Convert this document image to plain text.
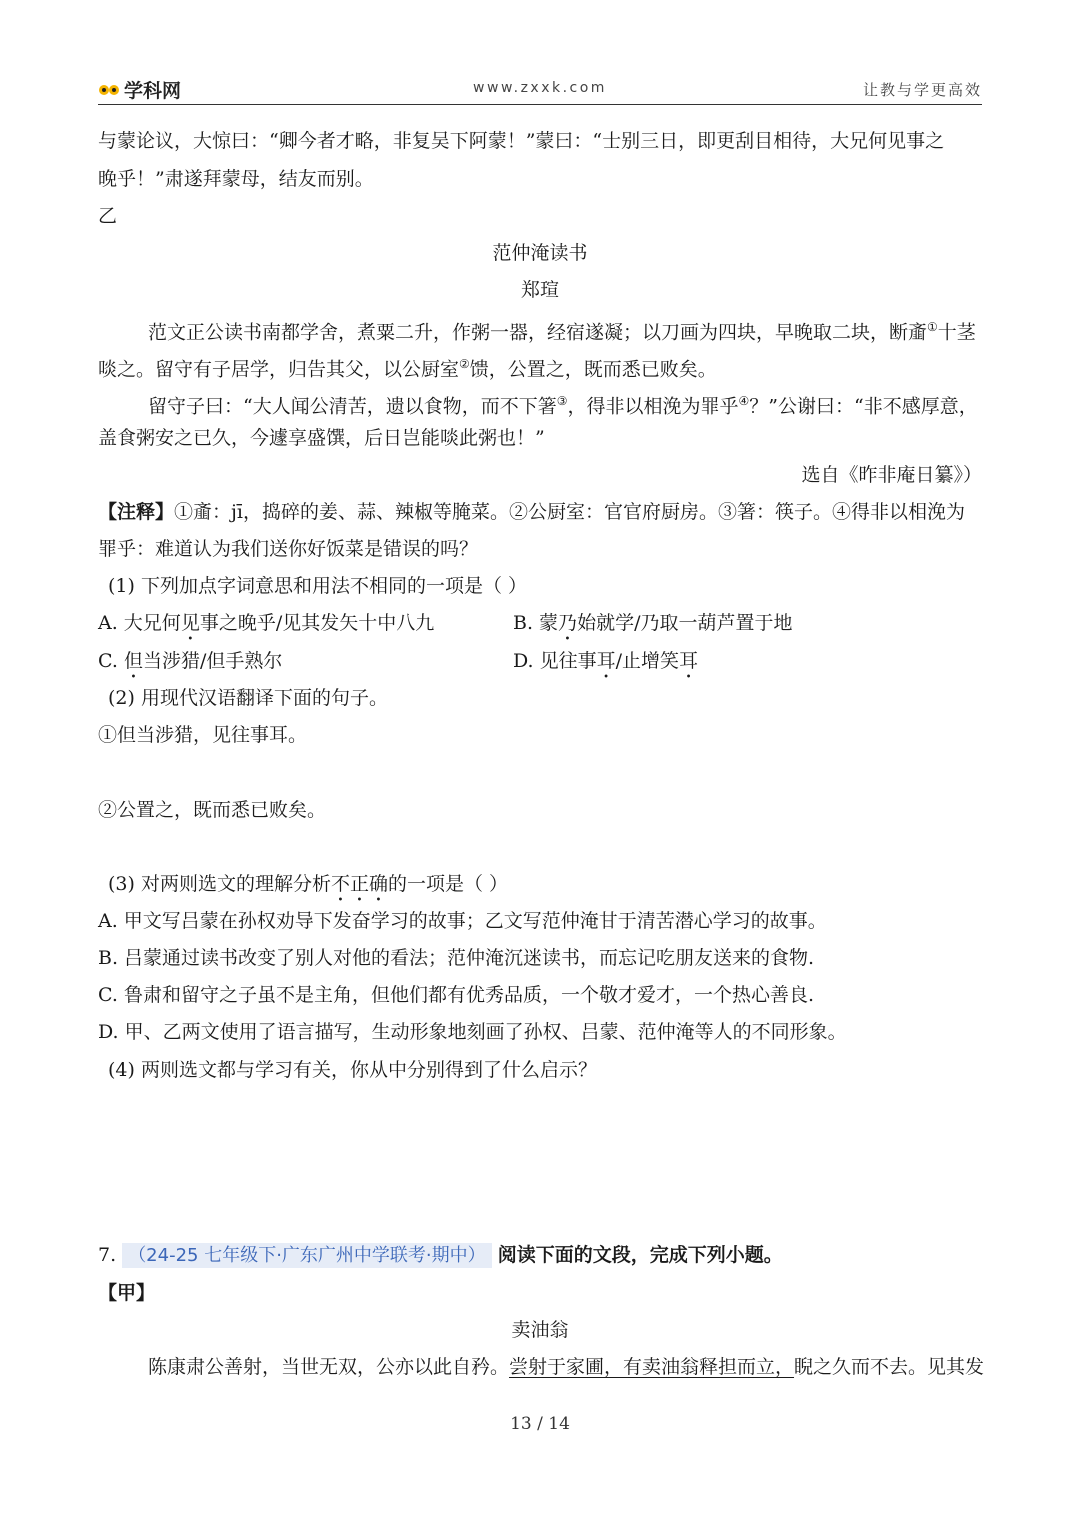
学科网	www.zxxk.com	让教与学更高效
与蒙论议，大惊曰：“卿今者才略，非复吴下阿蒙！”蒙曰：“士别三日，即更刮目相待，大兄何见事之
晚乎！”肃遂拜蒙母，结友而别。
乙
范仲淹读书
郑瑄
范文正公读书南都学舍，煮粟二升，作粥一器，经宿遂凝；以刀画为四块，早晚取二块，断齑①十茎
啖之。留守有子居学，归告其父，以公厨室②馈，公置之，既而悉已败矣。
留守子曰：“大人闻公清苦，遗以食物，而不下箸③，得非以相浼为罪乎④？”公谢曰：“非不感厚意，
盖食粥安之已久，今遽享盛馔，后日岂能啖此粥也！”
选自《昨非庵日纂》）
【注释】①齑：jī，捣碎的姜、蒜、辣椒等腌菜。②公厨室：官官府厨房。③箸：筷子。④得非以相浼为
罪乎：难道认为我们送你好饭菜是错误的吗？
(1) 下列加点字词意思和用法不相同的一项是（ ）
A. 大兄何见事之晚乎/见其发矢十中八九	B. 蒙乃始就学/乃取一葫芦置于地
C. 但当涉猎/但手熟尔	D. 见往事耳/止增笑耳
(2) 用现代汉语翻译下面的句子。
①但当涉猎，见往事耳。
②公置之，既而悉已败矣。
(3) 对两则选文的理解分析不正确的一项是（ ）
A. 甲文写吕蒙在孙权劝导下发奋学习的故事；乙文写范仲淹甘于清苦潜心学习的故事。
B. 吕蒙通过读书改变了别人对他的看法；范仲淹沉迷读书，而忘记吃朋友送来的食物.
C. 鲁肃和留守之子虽不是主角，但他们都有优秀品质，一个敬才爱才，一个热心善良.
D. 甲、乙两文使用了语言描写，生动形象地刻画了孙权、吕蒙、范仲淹等人的不同形象。
(4) 两则选文都与学习有关，你从中分别得到了什么启示？
7. （24-25 七年级下·广东广州中学联考·期中） 阅读下面的文段，完成下列小题。
【甲】
卖油翁
陈康肃公善射，当世无双，公亦以此自矜。尝射于家圃，有卖油翁释担而立，睨之久而不去。见其发
13 / 14
